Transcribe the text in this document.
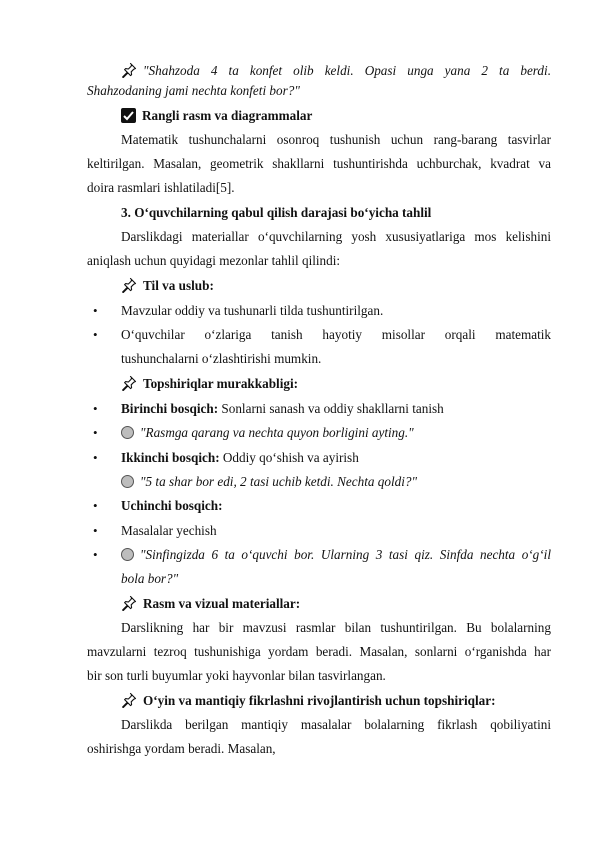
"Shahzoda 4 ta konfet olib keldi. Opasi unga yana 2 ta berdi.
Shahzodaning jami nechta konfeti bor?"
Rangli rasm va diagrammalar
Matematik tushunchalarni osonroq tushunish uchun rang-barang tasvirlar
keltirilgan. Masalan, geometrik shakllarni tushuntirishda uchburchak, kvadrat va
doira rasmlari ishlatiladi[5].
3. O‘quvchilarning qabul qilish darajasi bo‘yicha tahlil
Darslikdagi materiallar o‘quvchilarning yosh xususiyatlariga mos kelishini
aniqlash uchun quyidagi mezonlar tahlil qilindi:
Til va uslub:
• Mavzular oddiy va tushunarli tilda tushuntirilgan.
• O‘quvchilar o‘zlariga tanish hayotiy misollar orqali matematik
tushunchalarni o‘zlashtirishi mumkin.
Topshiriqlar murakkabligi:
• Birinchi bosqich: Sonlarni sanash va oddiy shakllarni tanish
•	"Rasmga qarang va nechta quyon borligini ayting."
• Ikkinchi bosqich: Oddiy qo‘shish va ayirish
"5 ta shar bor edi, 2 tasi uchib ketdi. Nechta qoldi?"
• Uchinchi bosqich:
• Masalalar yechish
•	"Sinfingizda 6 ta o‘quvchi bor. Ularning 3 tasi qiz. Sinfda nechta o‘g‘il
bola bor?"
Rasm va vizual materiallar:
Darslikning har bir mavzusi rasmlar bilan tushuntirilgan. Bu bolalarning
mavzularni tezroq tushunishiga yordam beradi. Masalan, sonlarni o‘rganishda har
bir son turli buyumlar yoki hayvonlar bilan tasvirlangan.
O‘yin va mantiqiy fikrlashni rivojlantirish uchun topshiriqlar:
Darslikda berilgan mantiqiy masalalar bolalarning fikrlash qobiliyatini
oshirishga yordam beradi. Masalan,
